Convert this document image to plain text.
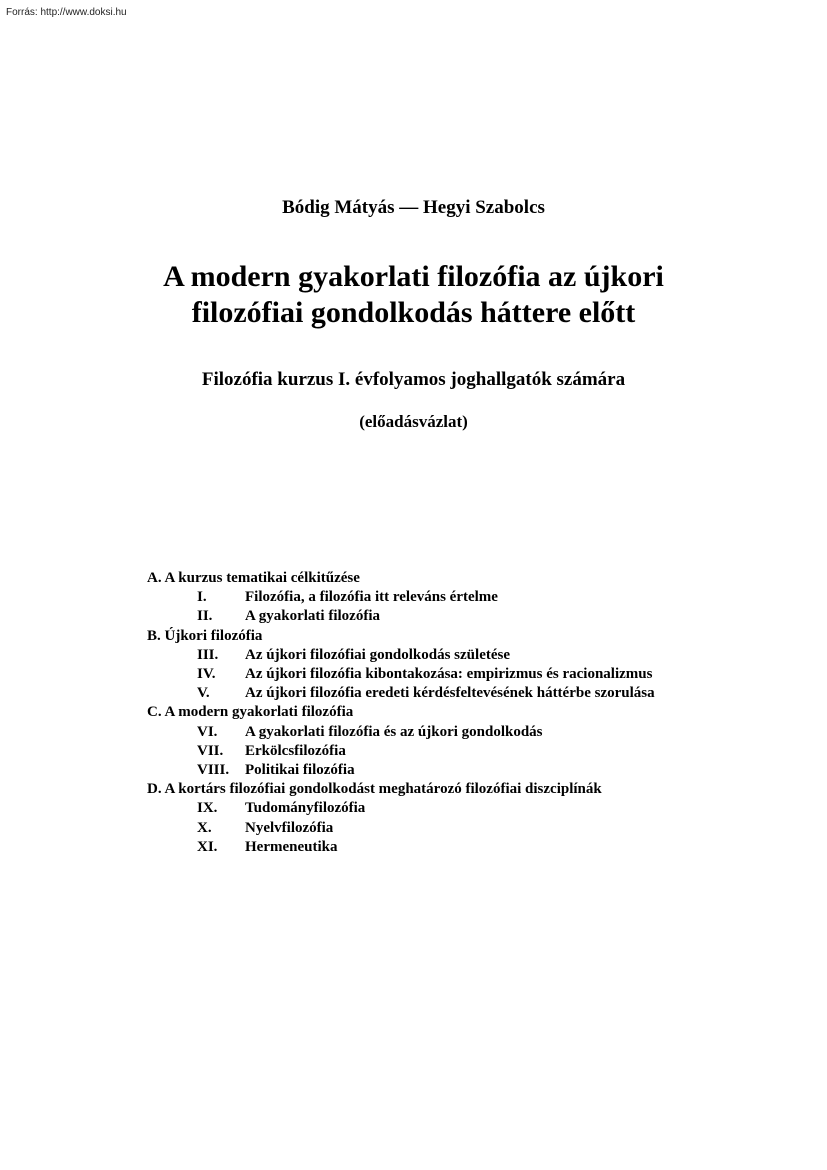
Forrás: http://www.doksi.hu
Bódig Mátyás — Hegyi Szabolcs
A modern gyakorlati filozófia az újkori
filozófiai gondolkodás háttere előtt
Filozófia kurzus I. évfolyamos joghallgatók számára
(előadásvázlat)
A. A kurzus tematikai célkitűzése
I.	Filozófia, a filozófia itt releváns értelme
II.	A gyakorlati filozófia
B. Újkori filozófia
III.	Az újkori filozófiai gondolkodás születése
IV.	Az újkori filozófia kibontakozása: empirizmus és racionalizmus
V.	Az újkori filozófia eredeti kérdésfeltevésének háttérbe szorulása
C. A modern gyakorlati filozófia
VI.	A gyakorlati filozófia és az újkori gondolkodás
VII.	Erkölcsfilozófia
VIII.	Politikai filozófia
D. A kortárs filozófiai gondolkodást meghatározó filozófiai diszciplínák
IX.	Tudományfilozófia
X.	Nyelvfilozófia
XI.	Hermeneutika
